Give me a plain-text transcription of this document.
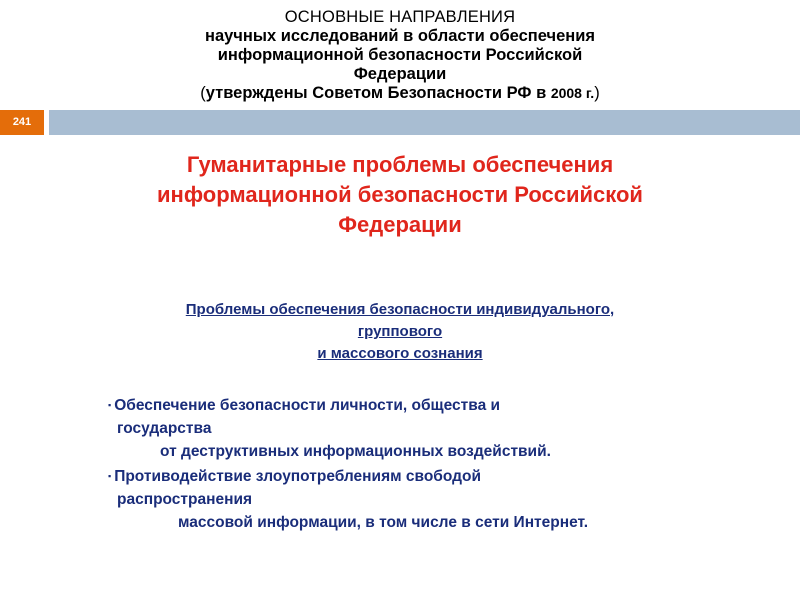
ОСНОВНЫЕ НАПРАВЛЕНИЯ
научных исследований в области обеспечения
информационной безопасности Российской
Федерации
(утверждены Советом Безопасности РФ в 2008 г.)
241
Гуманитарные проблемы обеспечения
информационной безопасности Российской
Федерации
Проблемы обеспечения безопасности индивидуального,
группового
и массового сознания
▪ Обеспечение безопасности личности, общества и
государства
от деструктивных информационных воздействий.
▪ Противодействие злоупотреблениям свободой
распространения
массовой информации, в том числе в сети Интернет.
